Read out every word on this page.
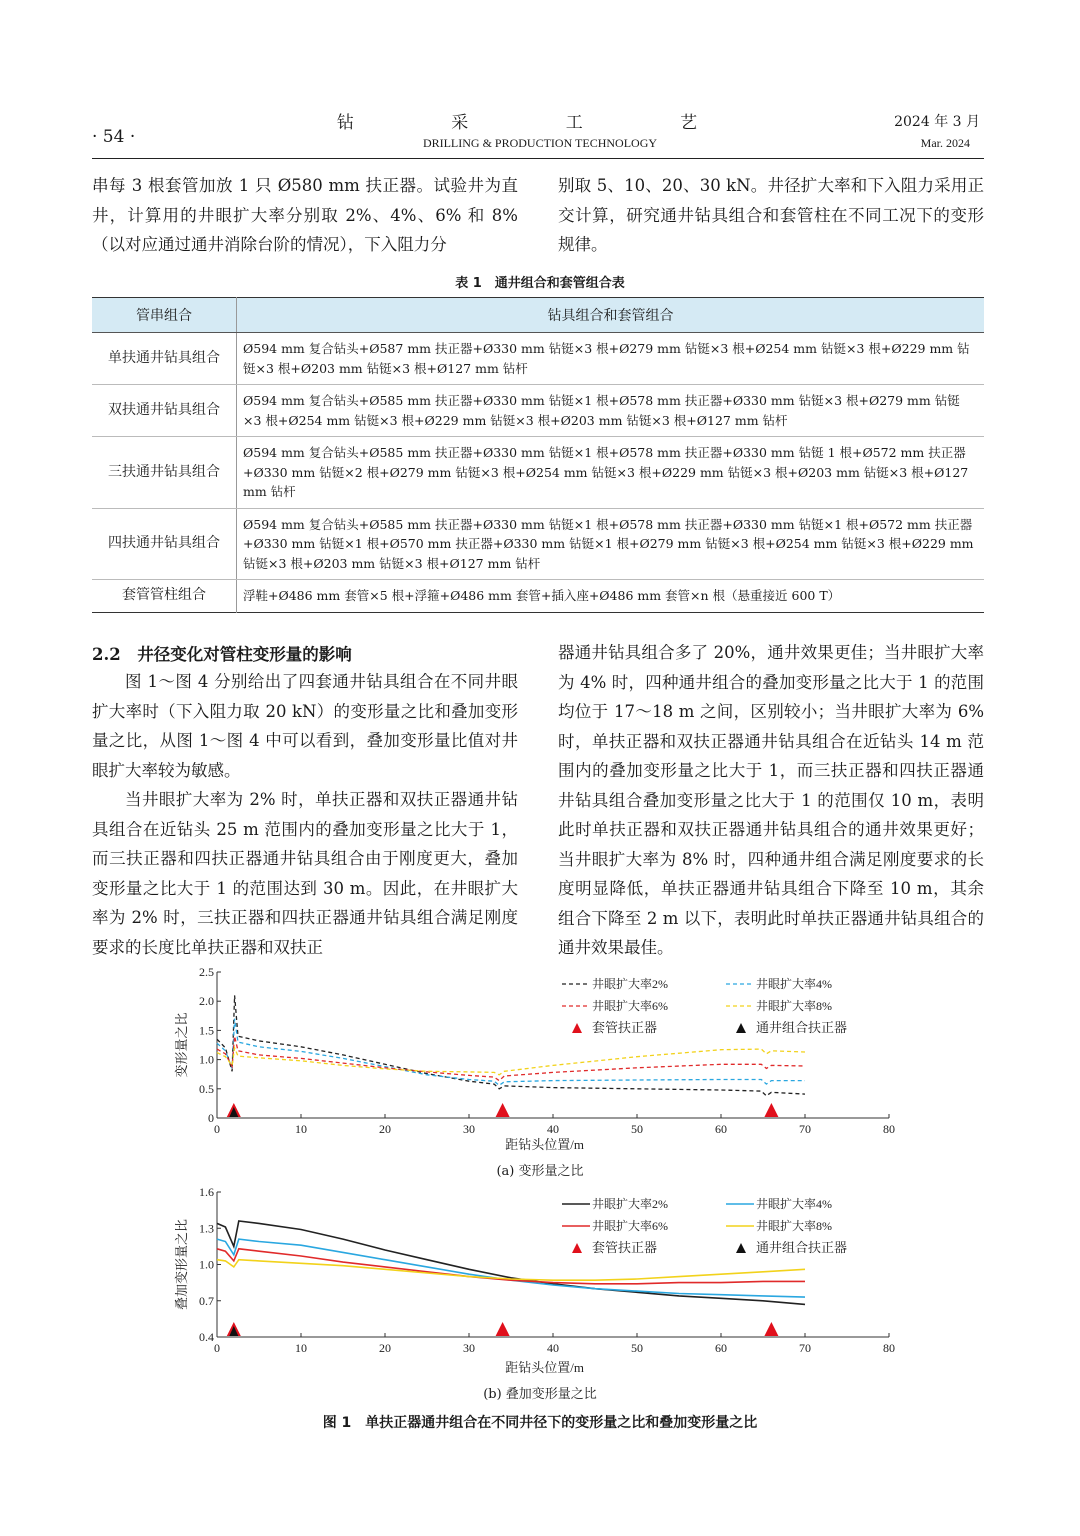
· 54 ·
钻 采 工 艺
DRILLING & PRODUCTION TECHNOLOGY
2024 年 3 月
Mar. 2024

串每 3 根套管加放 1 只 Ø580 mm 扶正器。试验井为直井，计算用的井眼扩大率分别取 2%、4%、6% 和 8%（以对应通过通井消除台阶的情况），下入阻力分

别取 5、10、20、30 kN。井径扩大率和下入阻力采用正交计算，研究通井钻具组合和套管柱在不同工况下的变形规律。

表 1　通井组合和套管组合表
管串组合	钻具组合和套管组合
单扶通井钻具组合	Ø594 mm 复合钻头+Ø587 mm 扶正器+Ø330 mm 钻铤×3 根+Ø279 mm 钻铤×3 根+Ø254 mm 钻铤×3 根+Ø229 mm 钻铤×3 根+Ø203 mm 钻铤×3 根+Ø127 mm 钻杆
双扶通井钻具组合	Ø594 mm 复合钻头+Ø585 mm 扶正器+Ø330 mm 钻铤×1 根+Ø578 mm 扶正器+Ø330 mm 钻铤×3 根+Ø279 mm 钻铤×3 根+Ø254 mm 钻铤×3 根+Ø229 mm 钻铤×3 根+Ø203 mm 钻铤×3 根+Ø127 mm 钻杆
三扶通井钻具组合	Ø594 mm 复合钻头+Ø585 mm 扶正器+Ø330 mm 钻铤×1 根+Ø578 mm 扶正器+Ø330 mm 钻铤 1 根+Ø572 mm 扶正器+Ø330 mm 钻铤×2 根+Ø279 mm 钻铤×3 根+Ø254 mm 钻铤×3 根+Ø229 mm 钻铤×3 根+Ø203 mm 钻铤×3 根+Ø127 mm 钻杆
四扶通井钻具组合	Ø594 mm 复合钻头+Ø585 mm 扶正器+Ø330 mm 钻铤×1 根+Ø578 mm 扶正器+Ø330 mm 钻铤×1 根+Ø572 mm 扶正器+Ø330 mm 钻铤×1 根+Ø570 mm 扶正器+Ø330 mm 钻铤×1 根+Ø279 mm 钻铤×3 根+Ø254 mm 钻铤×3 根+Ø229 mm 钻铤×3 根+Ø203 mm 钻铤×3 根+Ø127 mm 钻杆
套管管柱组合	浮鞋+Ø486 mm 套管×5 根+浮箍+Ø486 mm 套管+插入座+Ø486 mm 套管×n 根（悬重接近 600 T）
2.2　井径变化对管柱变形量的影响

图 1～图 4 分别给出了四套通井钻具组合在不同井眼扩大率时（下入阻力取 20 kN）的变形量之比和叠加变形量之比，从图 1～图 4 中可以看到，叠加变形量比值对井眼扩大率较为敏感。

当井眼扩大率为 2% 时，单扶正器和双扶正器通井钻具组合在近钻头 25 m 范围内的叠加变形量之比大于 1，而三扶正器和四扶正器通井钻具组合由于刚度更大，叠加变形量之比大于 1 的范围达到 30 m。因此，在井眼扩大率为 2% 时，三扶正器和四扶正器通井钻具组合满足刚度要求的长度比单扶正器和双扶正

器通井钻具组合多了 20%，通井效果更佳；当井眼扩大率为 4% 时，四种通井组合的叠加变形量之比大于 1 的范围均位于 17～18 m 之间，区别较小；当井眼扩大率为 6% 时，单扶正器和双扶正器通井钻具组合在近钻头 14 m 范围内的叠加变形量之比大于 1，而三扶正器和四扶正器通井钻具组合叠加变形量之比大于 1 的范围仅 10 m，表明此时单扶正器和双扶正器通井钻具组合的通井效果更好；当井眼扩大率为 8% 时，四种通井组合满足刚度要求的长度明显降低，单扶正器通井钻具组合下降至 10 m，其余组合下降至 2 m 以下，表明此时单扶正器通井钻具组合的通井效果最佳。

0	10	20	30	40	50	60	70	80
0
0.5
1.0
1.5
2.0
2.5
距钻头位置/m
变形量之比
井眼扩大率2%	井眼扩大率4%
井眼扩大率6%	井眼扩大率8%
套管扶正器	通井组合扶正器
0	10	20	30	40	50	60	70	80
0.4
0.7
1.0
1.3
1.6
距钻头位置/m
叠加变形量之比
井眼扩大率2%	井眼扩大率4%
井眼扩大率6%	井眼扩大率8%
套管扶正器	通井组合扶正器
(a) 变形量之比
(b) 叠加变形量之比
图 1　单扶正器通井组合在不同井径下的变形量之比和叠加变形量之比
